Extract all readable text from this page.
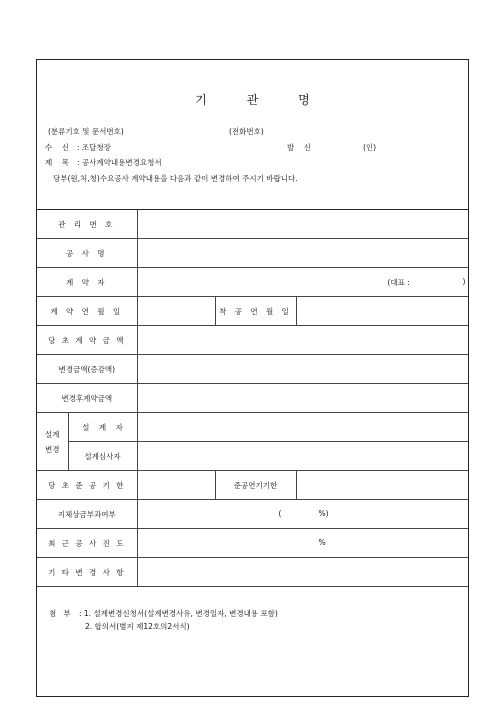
기	관	명
(분류기호 및 문서번호)	(전화번호)
수    신 : 조달청장	발    신	(인)
제    목 : 공사계약내용변경요청서
당부(원,처,청)수요공사 계약내용을 다음과 같이 변경하여 주시기 바랍니다.
관 리 번 호				
공 사 명				
계 약 자		(대표 : )		

계 약 연 월 일			착 공 연 월 일	
당 초 계 약 금 액				
변경금액(증감액)				
변경후계약금액				

설계
변경	설    계    자			
	설계심사자			
당 초 준 공 기 한			준공연기기한	
지체상금부과여부		( %)		

최 근 공 사 진 도		%		

기 타 변 경 사 항				
첨   부 : 1. 설계변경신청서(설계변경사유, 변경일자, 변경내용 포함)
2. 합의서(별지 제12호의2서식)
